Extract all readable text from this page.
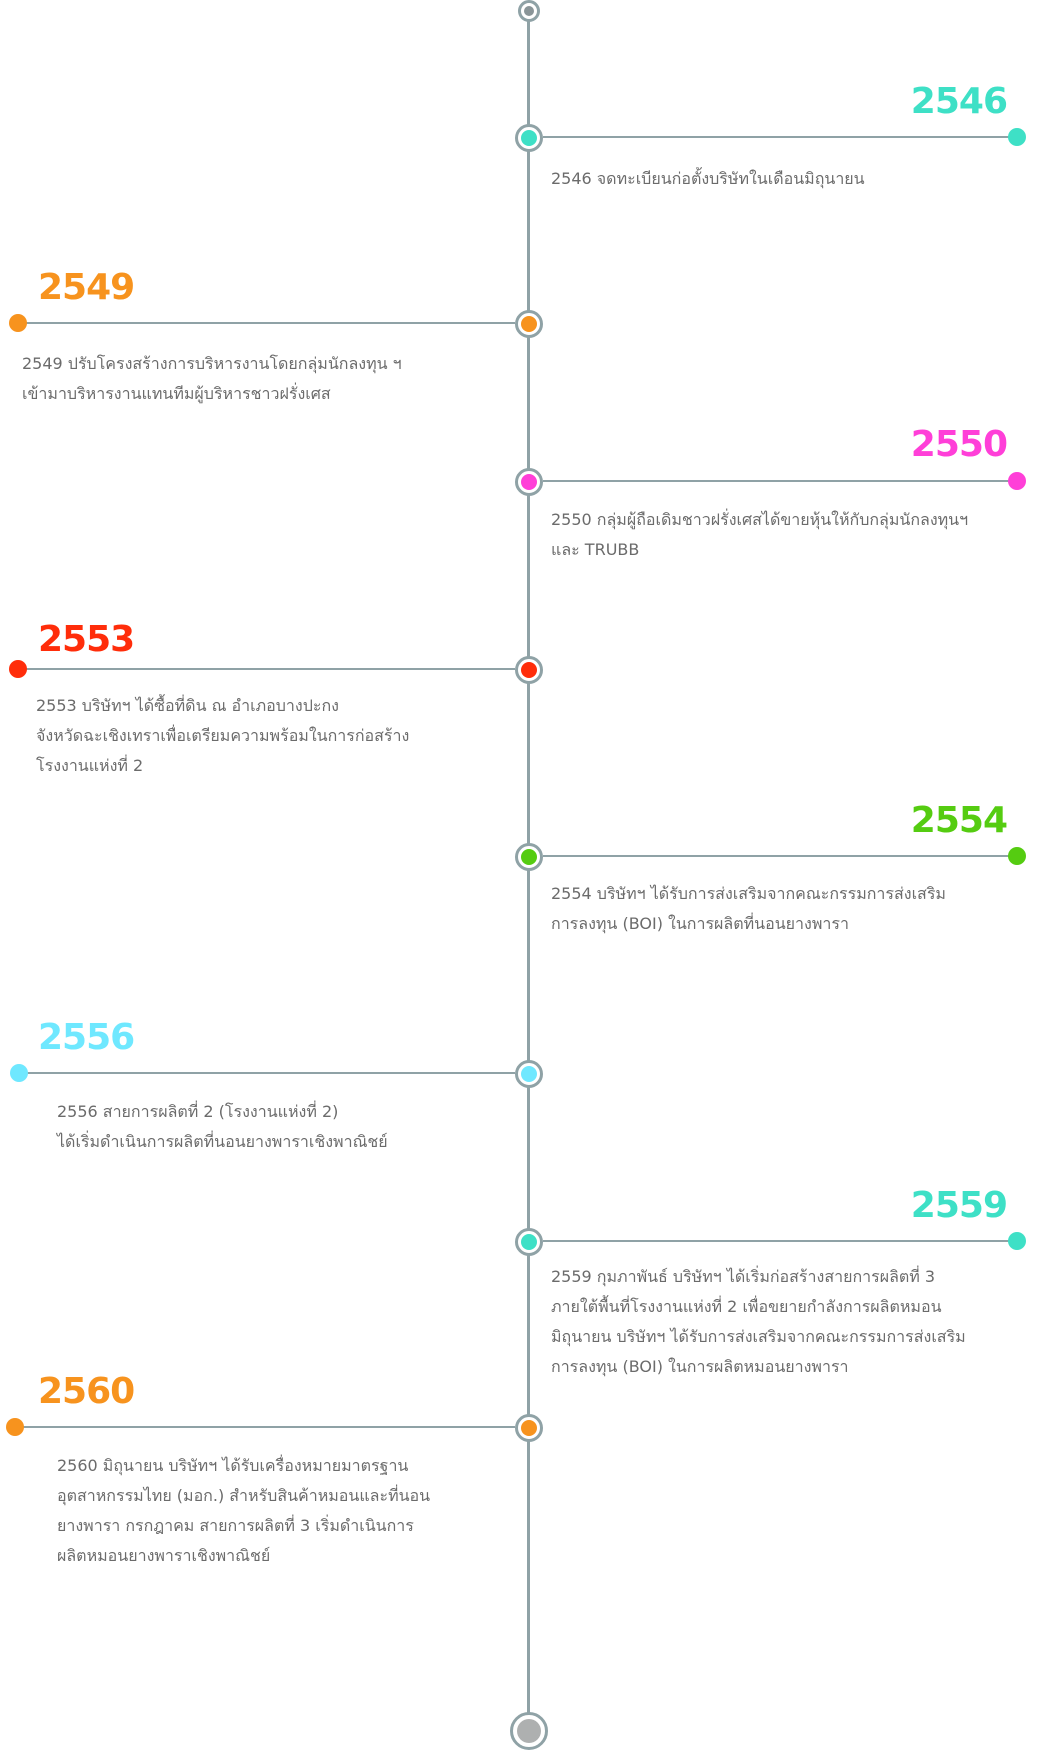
2546
2546 จดทะเบียนก่อตั้งบริษัทในเดือนมิถุนายน
2549
2549 ปรับโครงสร้างการบริหารงานโดยกลุ่มนักลงทุน ฯ
เข้ามาบริหารงานแทนทีมผู้บริหารชาวฝรั่งเศส
2550
2550 กลุ่มผู้ถือเดิมชาวฝรั่งเศสได้ขายหุ้นให้กับกลุ่มนักลงทุนฯ
และ TRUBB
2553
2553 บริษัทฯ ได้ซื้อที่ดิน ณ อำเภอบางปะกง
จังหวัดฉะเชิงเทราเพื่อเตรียมความพร้อมในการก่อสร้าง
โรงงานแห่งที่ 2
2554
2554 บริษัทฯ ได้รับการส่งเสริมจากคณะกรรมการส่งเสริม
การลงทุน (BOI) ในการผลิตที่นอนยางพารา
2556
2556 สายการผลิตที่ 2 (โรงงานแห่งที่ 2)
ได้เริ่มดำเนินการผลิตที่นอนยางพาราเชิงพาณิชย์
2559
2559 กุมภาพันธ์ บริษัทฯ ได้เริ่มก่อสร้างสายการผลิตที่ 3
ภายใต้พื้นที่โรงงานแห่งที่ 2 เพื่อขยายกำลังการผลิตหมอน
มิถุนายน บริษัทฯ ได้รับการส่งเสริมจากคณะกรรมการส่งเสริม
การลงทุน (BOI) ในการผลิตหมอนยางพารา
2560
2560 มิถุนายน บริษัทฯ ได้รับเครื่องหมายมาตรฐาน
อุตสาหกรรมไทย (มอก.) สำหรับสินค้าหมอนและที่นอน
ยางพารา กรกฎาคม สายการผลิตที่ 3 เริ่มดำเนินการ
ผลิตหมอนยางพาราเชิงพาณิชย์
